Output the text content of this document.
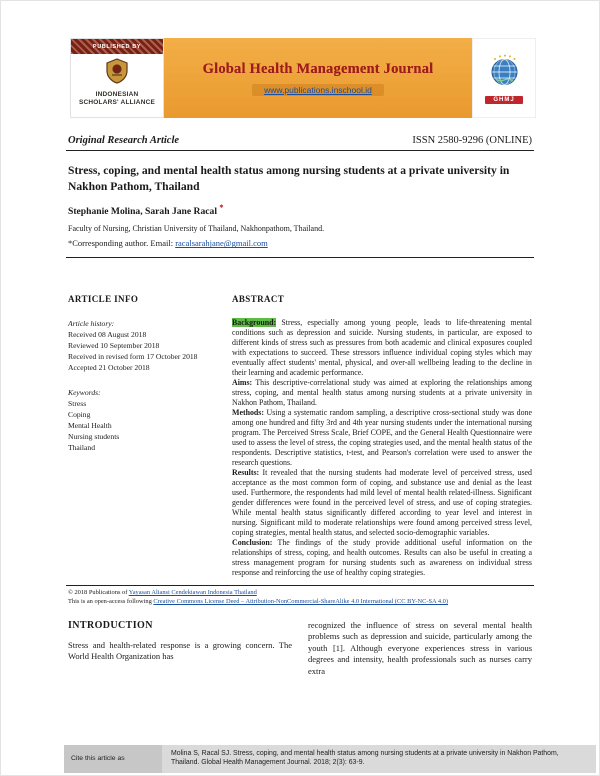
PUBLISHED BY
INDONESIAN SCHOLARS' ALLIANCE
Global Health Management Journal
www.publications.inschool.id
GHMJ
Original Research Article	ISSN 2580-9296 (ONLINE)
Stress, coping, and mental health status among nursing students at a private university in Nakhon Pathom, Thailand
Stephanie Molina, Sarah Jane Racal *
Faculty of Nursing, Christian University of Thailand, Nakhonpathom, Thailand.
*Corresponding author. Email: racalsarahjane@gmail.com
ARTICLE INFO
Article history:
Received 08 August 2018
Reviewed 10 September 2018
Received in revised form 17 October 2018
Accepted 21 October 2018
Keywords:
Stress
Coping
Mental Health
Nursing students
Thailand
ABSTRACT

Background: Stress, especially among young people, leads to life-threatening mental conditions such as depression and suicide. Nursing students, in particular, are exposed to different kinds of stress such as pressures from both academic and clinical exposures coupled with expectations to succeed. These stressors influence individual coping styles which may eventually affect students' mental, physical, and over-all wellbeing leading to the decline in their learning and academic performance.

Aims: This descriptive-correlational study was aimed at exploring the relationships among stress, coping, and mental health status among nursing students at a private university in Nakhon Pathom, Thailand.

Methods: Using a systematic random sampling, a descriptive cross-sectional study was done among one hundred and fifty 3rd and 4th year nursing students under the international nursing program. The Perceived Stress Scale, Brief COPE, and the General Health Questionnaire were used to assess the level of stress, the coping strategies used, and the mental health status of the respondents. Descriptive statistics, t-test, and Pearson's correlation were used to answer the research questions.

Results: It revealed that the nursing students had moderate level of perceived stress, used acceptance as the most common form of coping, and substance use and denial as the least used. Furthermore, the respondents had mild level of mental health related-illness. Significant gender differences were found in the perceived level of stress, and use of coping strategies. While mental health status significantly differed according to year level and interest in nursing. Significant mild to moderate relationships were found among perceived stress level, coping strategies, mental health status, and selected socio-demographic variables.

Conclusion: The findings of the study provide additional useful information on the relationships of stress, coping, and health outcomes. Results can also be useful in creating a stress management program for nursing students such as awareness on individual stress response and reinforcing the use of healthy coping strategies.

© 2018 Publications of Yayasan Aliansi Cendekiawan Indonesia Thailand
This is an open-access following Creative Commons License Deed – Attribution-NonCommercial-ShareAlike 4.0 International (CC BY-NC-SA 4.0)
INTRODUCTION

Stress and health-related response is a growing concern. The World Health Organization has

recognized the influence of stress on several mental health problems such as depression and suicide, particularly among the youth [1]. Although everyone experiences stress in various degrees and intensity, health professionals such as nurses carry extra

Cite this article as
Molina S, Racal SJ. Stress, coping, and mental health status among nursing students at a private university in Nakhon Pathom, Thailand. Global Health Management Journal. 2018; 2(3): 63-9.
